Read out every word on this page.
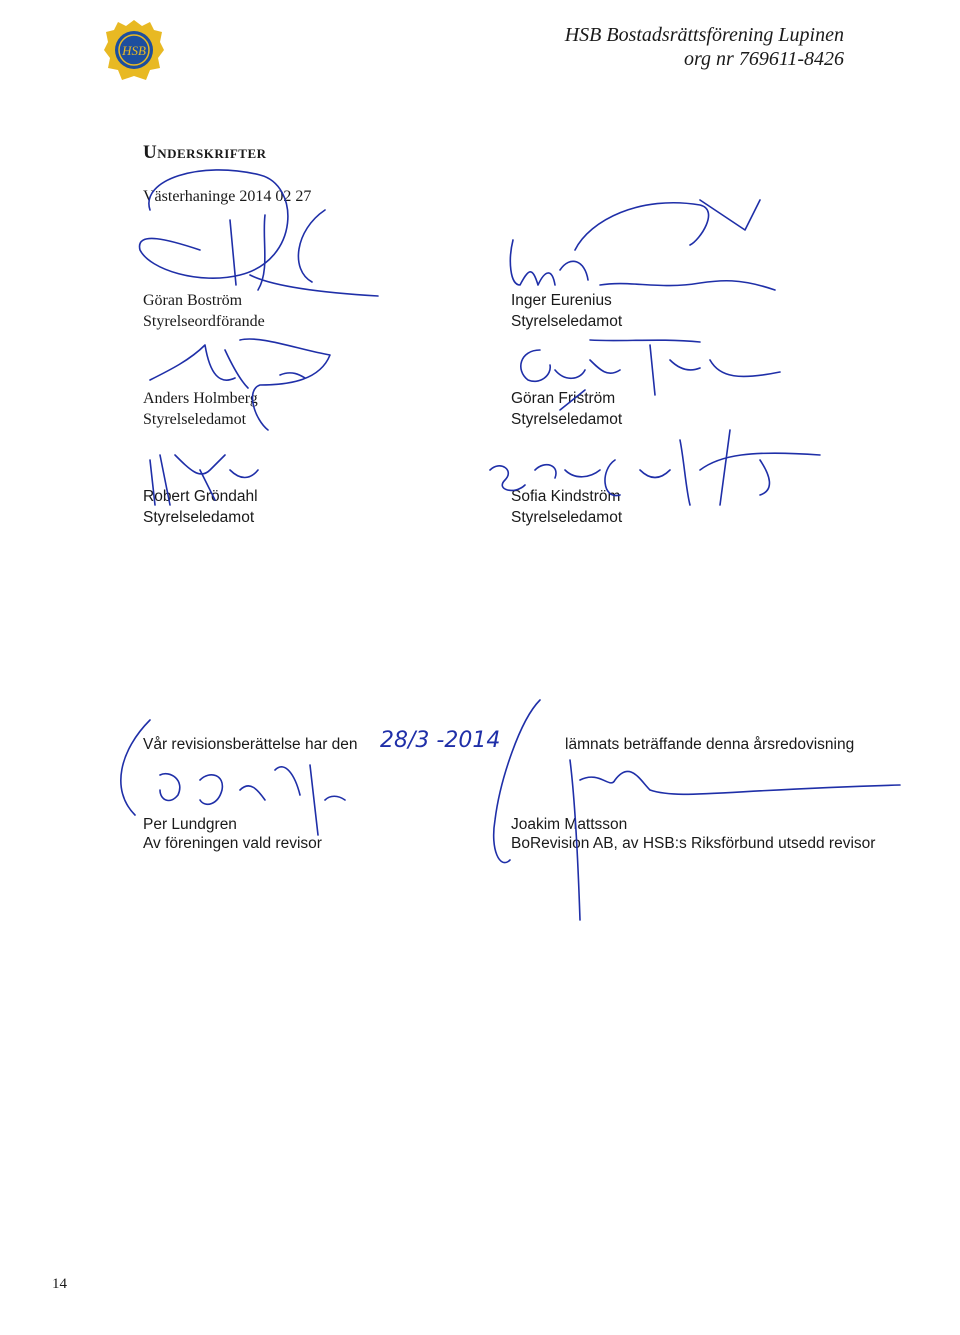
HSB
HSB Bostadsrättsförening Lupinen
org nr 769611-8426
Underskrifter
Västerhaninge 2014 02 27
Göran Boström
Styrelseordförande
Anders Holmberg
Styrelseledamot
Robert Gröndahl
Styrelseledamot
Inger Eurenius
Styrelseledamot
Göran Friström
Styrelseledamot
Sofia Kindström
Styrelseledamot
Vår revisionsberättelse har den 28/3 -2014	lämnats beträffande denna årsredovisning
Per Lundgren
Av föreningen vald revisor
Joakim Mattsson
BoRevision AB, av HSB:s Riksförbund utsedd revisor
14
